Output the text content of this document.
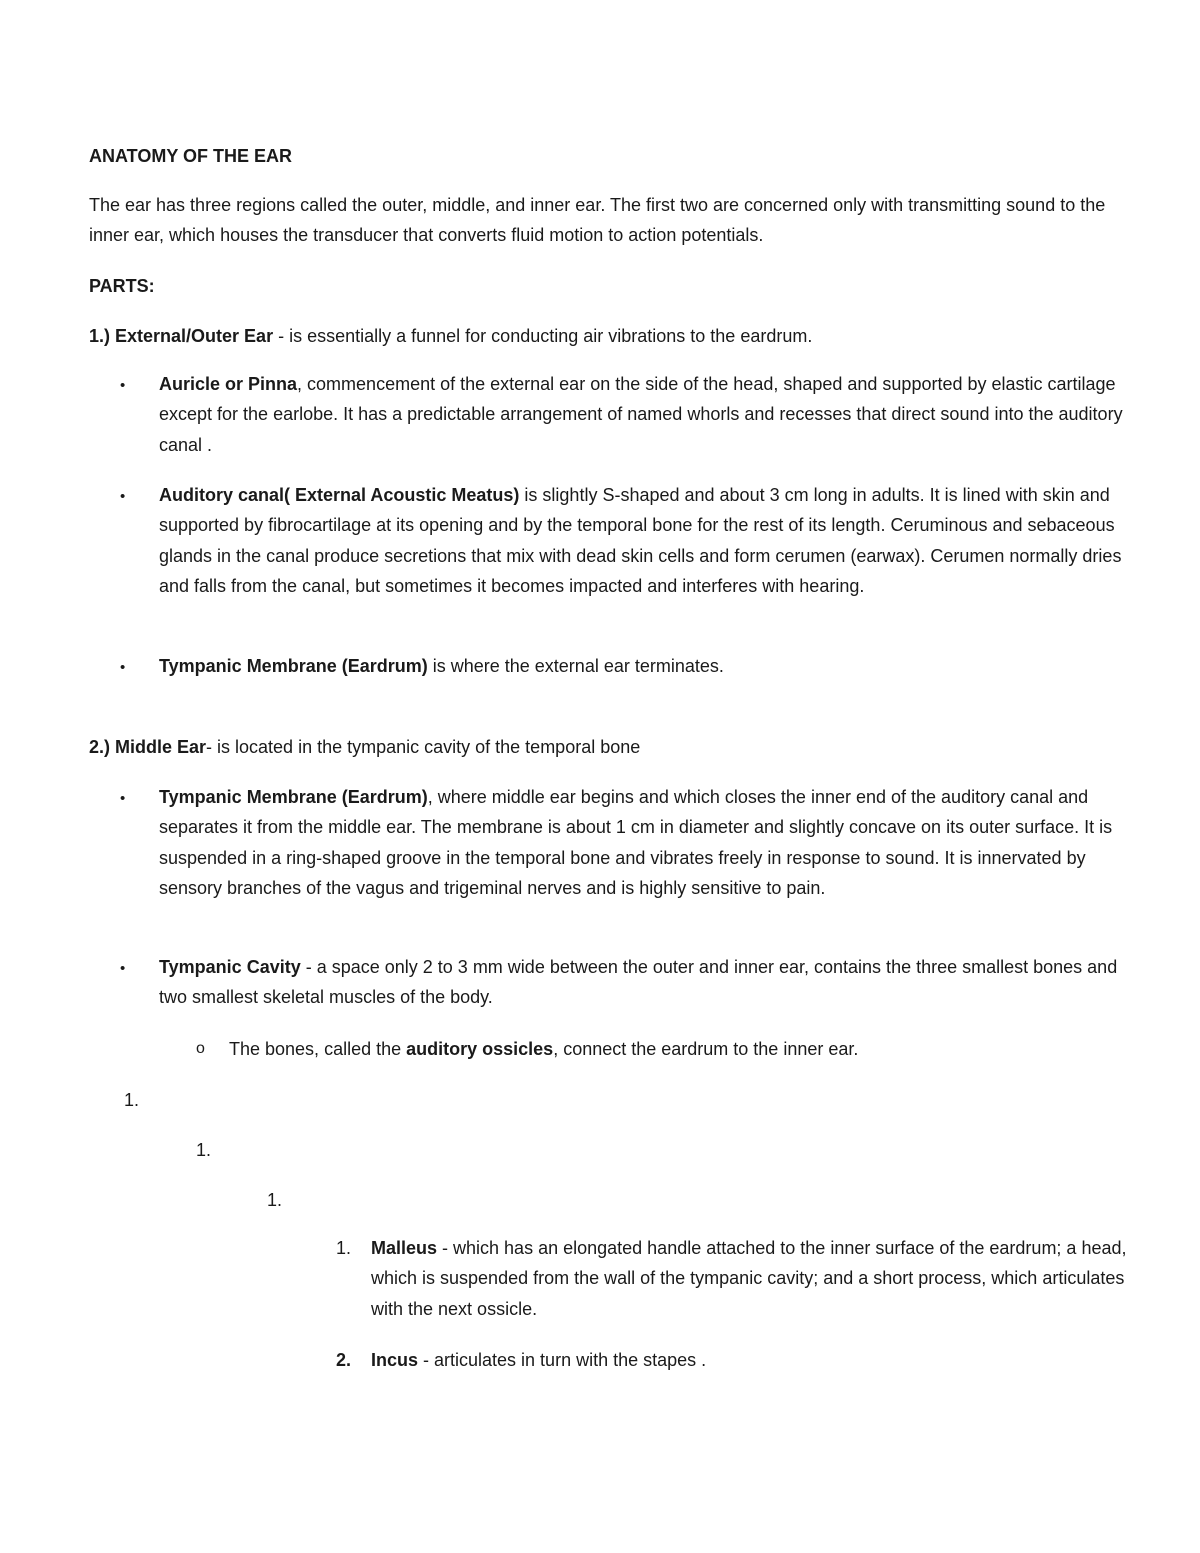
ANATOMY OF THE EAR
The ear has three regions called the outer, middle, and inner ear. The first two are concerned only with transmitting sound to the inner ear, which houses the transducer that converts fluid motion to action potentials.
PARTS:
1.) External/Outer Ear - is essentially a funnel for conducting air vibrations to the eardrum.
• Auricle or Pinna, commencement of the external ear on the side of the head, shaped and supported by elastic cartilage except for the earlobe. It has a predictable arrangement of named whorls and recesses that direct sound into the auditory canal .
• Auditory canal( External Acoustic Meatus) is slightly S-shaped and about 3 cm long in adults. It is lined with skin and supported by fibrocartilage at its opening and by the temporal bone for the rest of its length. Ceruminous and sebaceous glands in the canal produce secretions that mix with dead skin cells and form cerumen (earwax). Cerumen normally dries and falls from the canal, but sometimes it becomes impacted and interferes with hearing.
• Tympanic Membrane (Eardrum) is where the external ear terminates.
2.) Middle Ear- is located in the tympanic cavity of the temporal bone
• Tympanic Membrane (Eardrum), where middle ear begins and which closes the inner end of the auditory canal and separates it from the middle ear. The membrane is about 1 cm in diameter and slightly concave on its outer surface. It is suspended in a ring-shaped groove in the temporal bone and vibrates freely in response to sound. It is innervated by sensory branches of the vagus and trigeminal nerves and is highly sensitive to pain.
• Tympanic Cavity - a space only 2 to 3 mm wide between the outer and inner ear, contains the three smallest bones and two smallest skeletal muscles of the body.
o The bones, called the auditory ossicles, connect the eardrum to the inner ear.
1.
1.
1.
1. Malleus - which has an elongated handle attached to the inner surface of the eardrum; a head, which is suspended from the wall of the tympanic cavity; and a short process, which articulates with the next ossicle.
2. Incus - articulates in turn with the stapes .
